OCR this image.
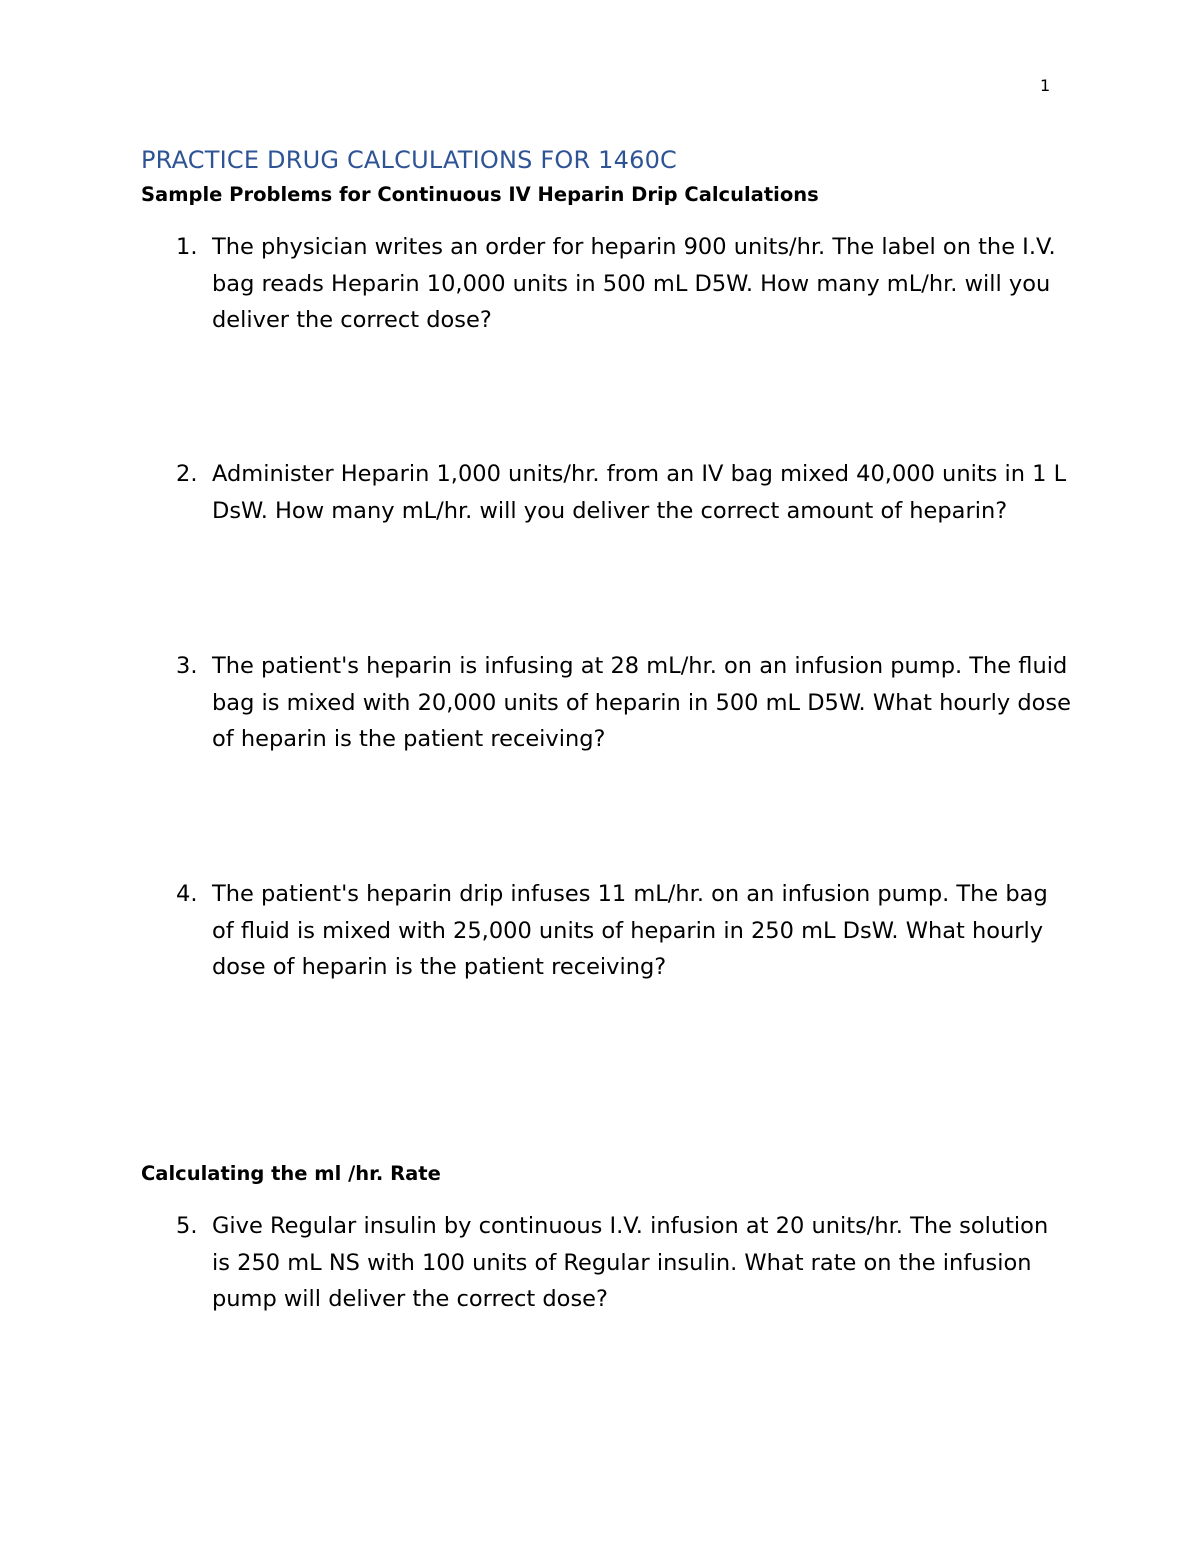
1
PRACTICE DRUG CALCULATIONS FOR 1460C
Sample Problems for Continuous IV Heparin Drip Calculations
1. The physician writes an order for heparin 900 units/hr. The label on the I.V. bag reads Heparin 10,000 units in 500 mL D5W. How many mL/hr. will you deliver the correct dose?
2. Administer Heparin 1,000 units/hr. from an IV bag mixed 40,000 units in 1 L DsW. How many mL/hr. will you deliver the correct amount of heparin?
3. The patient's heparin is infusing at 28 mL/hr. on an infusion pump. The fluid bag is mixed with 20,000 units of heparin in 500 mL D5W. What hourly dose of heparin is the patient receiving?
4. The patient's heparin drip infuses 11 mL/hr. on an infusion pump. The bag of fluid is mixed with 25,000 units of heparin in 250 mL DsW. What hourly dose of heparin is the patient receiving?
Calculating the ml /hr. Rate
5. Give Regular insulin by continuous I.V. infusion at 20 units/hr. The solution is 250 mL NS with 100 units of Regular insulin. What rate on the infusion pump will deliver the correct dose?
